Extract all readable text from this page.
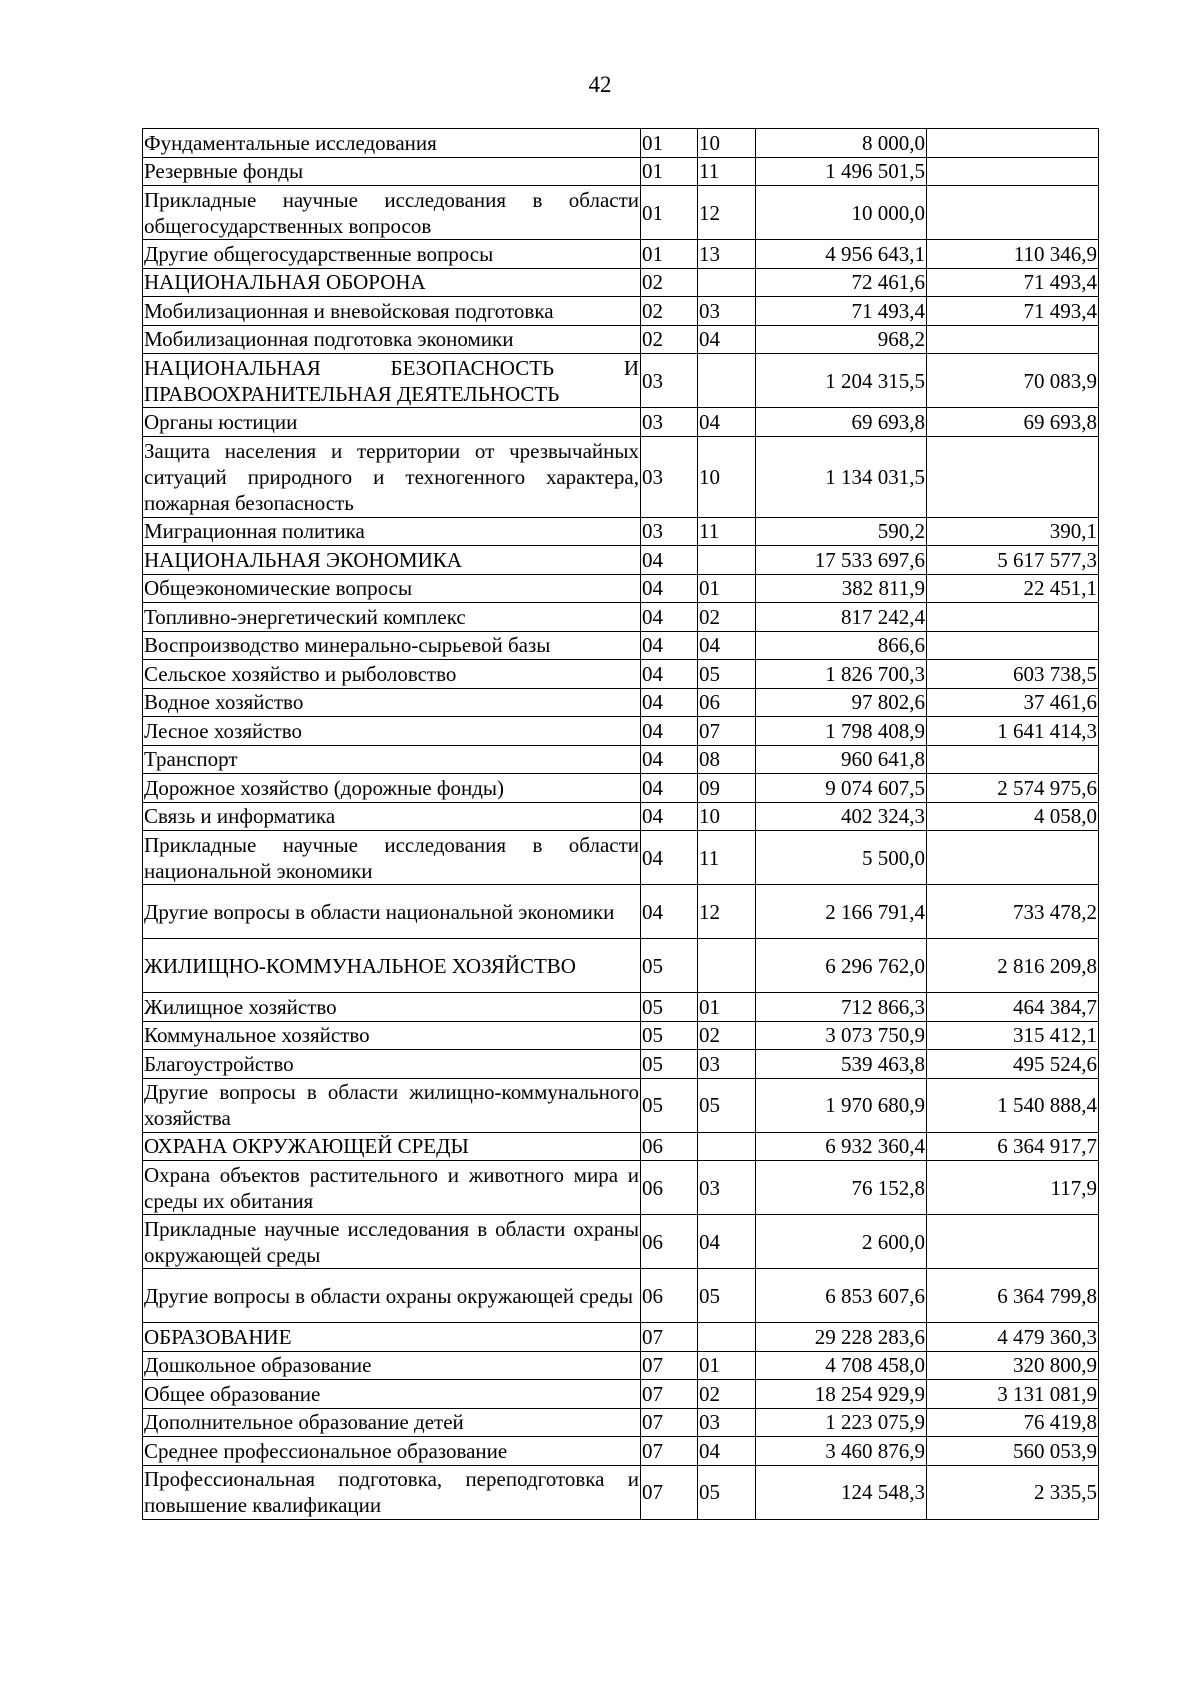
42
Фундаментальные исследования	01	10	8 000,0	
Резервные фонды	01	11	1 496 501,5	
Прикладные научные исследования в области общегосударственных вопросов	01	12	10 000,0	
Другие общегосударственные вопросы	01	13	4 956 643,1	110 346,9
НАЦИОНАЛЬНАЯ ОБОРОНА	02		72 461,6	71 493,4
Мобилизационная и вневойсковая подготовка	02	03	71 493,4	71 493,4
Мобилизационная подготовка экономики	02	04	968,2	
НАЦИОНАЛЬНАЯ БЕЗОПАСНОСТЬ И ПРАВООХРАНИТЕЛЬНАЯ ДЕЯТЕЛЬНОСТЬ	03		1 204 315,5	70 083,9
Органы юстиции	03	04	69 693,8	69 693,8
Защита населения и территории от чрезвычайных ситуаций природного и техногенного характера, пожарная безопасность	03	10	1 134 031,5	
Миграционная политика	03	11	590,2	390,1
НАЦИОНАЛЬНАЯ ЭКОНОМИКА	04		17 533 697,6	5 617 577,3
Общеэкономические вопросы	04	01	382 811,9	22 451,1
Топливно-энергетический комплекс	04	02	817 242,4	
Воспроизводство минерально-сырьевой базы	04	04	866,6	
Сельское хозяйство и рыболовство	04	05	1 826 700,3	603 738,5
Водное хозяйство	04	06	97 802,6	37 461,6
Лесное хозяйство	04	07	1 798 408,9	1 641 414,3
Транспорт	04	08	960 641,8	
Дорожное хозяйство (дорожные фонды)	04	09	9 074 607,5	2 574 975,6
Связь и информатика	04	10	402 324,3	4 058,0
Прикладные научные исследования в области национальной экономики	04	11	5 500,0	
Другие вопросы в области национальной экономики	04	12	2 166 791,4	733 478,2
ЖИЛИЩНО-КОММУНАЛЬНОЕ ХОЗЯЙСТВО	05		6 296 762,0	2 816 209,8
Жилищное хозяйство	05	01	712 866,3	464 384,7
Коммунальное хозяйство	05	02	3 073 750,9	315 412,1
Благоустройство	05	03	539 463,8	495 524,6
Другие вопросы в области жилищно-коммунального хозяйства	05	05	1 970 680,9	1 540 888,4
ОХРАНА ОКРУЖАЮЩЕЙ СРЕДЫ	06		6 932 360,4	6 364 917,7
Охрана объектов растительного и животного мира и среды их обитания	06	03	76 152,8	117,9
Прикладные научные исследования в области охраны окружающей среды	06	04	2 600,0	
Другие вопросы в области охраны окружающей среды	06	05	6 853 607,6	6 364 799,8
ОБРАЗОВАНИЕ	07		29 228 283,6	4 479 360,3
Дошкольное образование	07	01	4 708 458,0	320 800,9
Общее образование	07	02	18 254 929,9	3 131 081,9
Дополнительное образование детей	07	03	1 223 075,9	76 419,8
Среднее профессиональное образование	07	04	3 460 876,9	560 053,9
Профессиональная подготовка, переподготовка и повышение квалификации	07	05	124 548,3	2 335,5
